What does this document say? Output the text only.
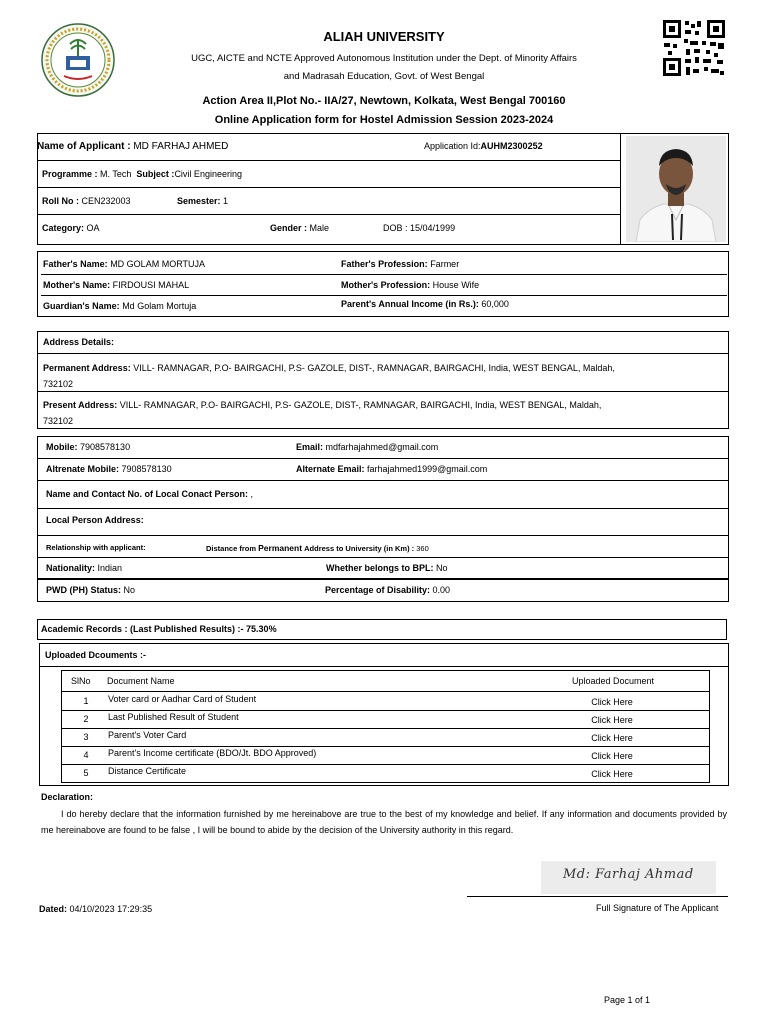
ALIAH UNIVERSITY
UGC, AICTE and NCTE Approved Autonomous Institution under the Dept. of Minority Affairs
and Madrasah Education, Govt. of West Bengal
Action Area II,Plot No.- IIA/27, Newtown, Kolkata, West Bengal 700160
Online Application form for Hostel Admission Session 2023-2024
Name of Applicant : MD FARHAJ AHMED	Application Id:AUHM2300252
Programme : M. Tech Subject :Civil Engineering
Roll No : CEN232003	Semester: 1
Category: OA	Gender : Male	DOB : 15/04/1999
Father's Name: MD GOLAM MORTUJA	Father's Profession: Farmer
Mother's Name: FIRDOUSI MAHAL	Mother's Profession: House Wife
Guardian's Name: Md Golam Mortuja	Parent's Annual Income (in Rs.): 60,000
Address Details:
Permanent Address: VILL- RAMNAGAR, P.O- BAIRGACHI, P.S- GAZOLE, DIST-, RAMNAGAR, BAIRGACHI, India, WEST BENGAL, Maldah,
732102
Present Address: VILL- RAMNAGAR, P.O- BAIRGACHI, P.S- GAZOLE, DIST-, RAMNAGAR, BAIRGACHI, India, WEST BENGAL, Maldah,
732102
Mobile: 7908578130	Email: mdfarhajahmed@gmail.com
Altrenate Mobile: 7908578130	Alternate Email: farhajahmed1999@gmail.com
Name and Contact No. of Local Conact Person: ,
Local Person Address:
Relationship with applicant:	Distance from Permanent Address to University (in Km) : 360
Nationality: Indian	Whether belongs to BPL: No
PWD (PH) Status: No	Percentage of Disability: 0.00
Academic Records : (Last Published Results) :- 75.30%
Uploaded Dcouments :-
SlNo	Document Name	Uploaded Document
1	Voter card or Aadhar Card of Student	Click Here
2	Last Published Result of Student	Click Here
3	Parent's Voter Card	Click Here
4	Parent's Income certificate (BDO/Jt. BDO Approved)	Click Here
5	Distance Certificate	Click Here
Declaration:
I do hereby declare that the information furnished by me hereinabove are true to the best of my knowledge and belief. If any information and documents provided by me hereinabove are found to be false , I will be bound to abide by the decision of the University authority in this regard.
Md: Farhaj Ahmad
Full Signature of The Applicant
Dated: 04/10/2023 17:29:35
Page 1 of 1
